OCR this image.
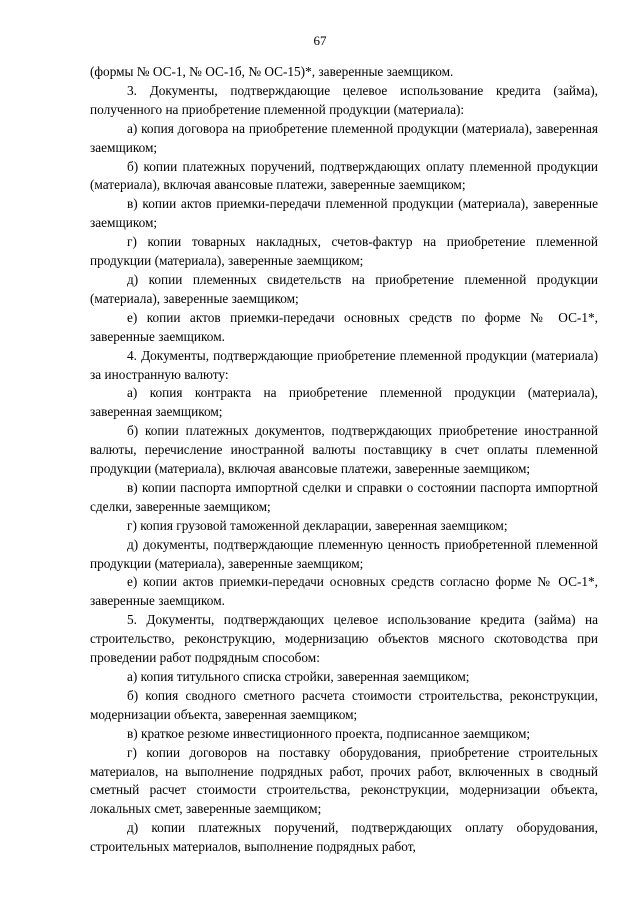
67

(формы № ОС-1, № ОС-1б, № ОС-15)*, заверенные заемщиком.

3. Документы, подтверждающие целевое использование кредита (займа), полученного на приобретение племенной продукции (материала):

а) копия договора на приобретение племенной продукции (материала), заверенная заемщиком;

б) копии платежных поручений, подтверждающих оплату племенной продукции (материала), включая авансовые платежи, заверенные заемщиком;

в) копии актов приемки-передачи племенной продукции (материала), заверенные заемщиком;

г) копии товарных накладных, счетов-фактур на приобретение племенной продукции (материала), заверенные заемщиком;

д) копии племенных свидетельств на приобретение племенной продукции (материала), заверенные заемщиком;

е) копии актов приемки-передачи основных средств по форме № ОС-1*, заверенные заемщиком.

4. Документы, подтверждающие приобретение племенной продукции (материала) за иностранную валюту:

а) копия контракта на приобретение племенной продукции (материала), заверенная заемщиком;

б) копии платежных документов, подтверждающих приобретение иностранной валюты, перечисление иностранной валюты поставщику в счет оплаты племенной продукции (материала), включая авансовые платежи, заверенные заемщиком;

в) копии паспорта импортной сделки и справки о состоянии паспорта импортной сделки, заверенные заемщиком;

г) копия грузовой таможенной декларации, заверенная заемщиком;

д) документы, подтверждающие племенную ценность приобретенной племенной продукции (материала), заверенные заемщиком;

е) копии актов приемки-передачи основных средств согласно форме № ОС-1*, заверенные заемщиком.

5. Документы, подтверждающих целевое использование кредита (займа) на строительство, реконструкцию, модернизацию объектов мясного скотоводства при проведении работ подрядным способом:

а) копия титульного списка стройки, заверенная заемщиком;

б) копия сводного сметного расчета стоимости строительства, реконструкции, модернизации объекта, заверенная заемщиком;

в) краткое резюме инвестиционного проекта, подписанное заемщиком;

г) копии договоров на поставку оборудования, приобретение строительных материалов, на выполнение подрядных работ, прочих работ, включенных в сводный сметный расчет стоимости строительства, реконструкции, модернизации объекта, локальных смет, заверенные заемщиком;

д) копии платежных поручений, подтверждающих оплату оборудования, строительных материалов, выполнение подрядных работ,
